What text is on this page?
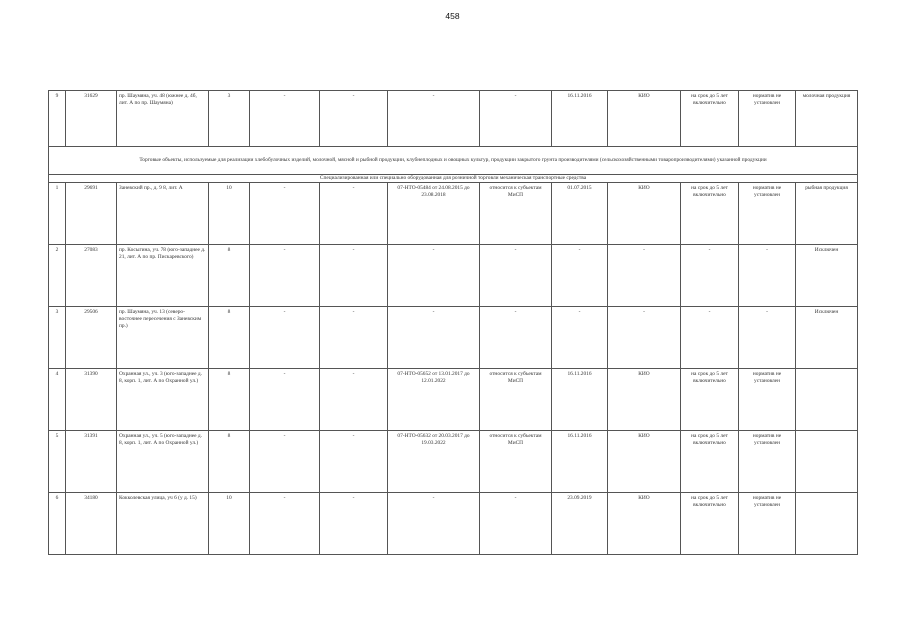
458
9	31629	пр. Шаумяна, уч. 48 (южнее д. 4б, лит. А по пр. Шаумяна)	3	-	-	-	-	16.11.2016	КИО	на срок до 5 лет включительно	норматив не установлен	молочная продукция
Торговые объекты, используемые для реализации хлебобулочных изделий, молочной, мясной и рыбной продукции, клубнеплодных и овощных культур, продукции закрытого грунта производителями (сельскохозяйственными товаропроизводителями) указанной продукции												
Специализированная или специально оборудованная для розничной торговли механическая транспортные средства												
1	29691	Заневский пр., д. 9 8, лит. А	10	-	-	07-НТО-05484 от 24.08.2015 до 23.08.2018	относится к субъектам МиСП	01.07.2015	КИО	на срок до 5 лет включительно	норматив не установлен	рыбная продукция
2	27083	пр. Косыгина, уч. 78 (юго-западнее д. 21, лит. А по пр. Пискаревского)	8	-	-	-	-	-	-	-	-	Исключен
3	29506	пр. Шаумяна, уч. 13 (северо-восточнее пересечения с Заневским пр.)	8	-	-	-	-	-	-	-	-	Исключен
4	31390	Охранная ул., уч. 3 (юго-западнее д. 8, корп. 1, лит. А по Охранной ул.)	8	-	-	07-НТО-05652 от 13.01.2017 до 12.01.2022	относится к субъектам МиСП	16.11.2016	КИО	на срок до 5 лет включительно	норматив не установлен	
5	31391	Охранная ул., уч. 5 (юго-западнее д. 8, корп. 1, лит. А по Охранной ул.)	8	-	-	07-НТО-05632 от 20.03.2017 до 19.03.2022	относится к субъектам МиСП	16.11.2016	КИО	на срок до 5 лет включительно	норматив не установлен	
6	34180	Кокколевская улица, уч 6 (у д. 15)	10	-	-	-	-	23.09.2019	КИО	на срок до 5 лет включительно	норматив не установлен	
